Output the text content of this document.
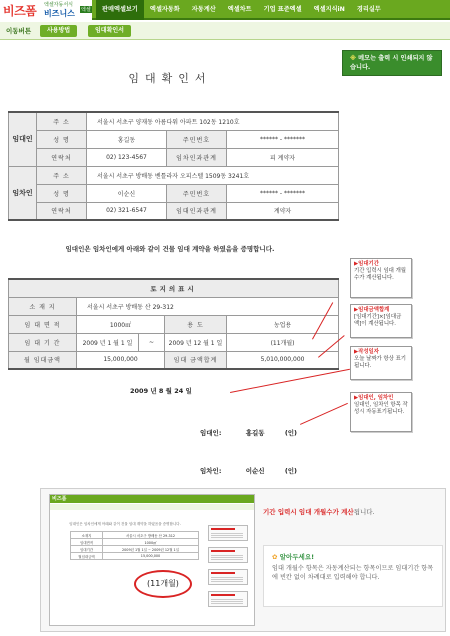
비즈폼 엑셀자동서식
비즈니스 엑셀	판매엑셀보기	엑셀자동화	자동계산	엑셀차트	기업 표준엑셀	엑셀지식iN	경리실무
이동버튼	사용방법	임대확인서
※ 메모는 출력 시 인쇄되지 않습니다.
임대확인서
임대인	주 소	서울시 서초구 양재동 아름다워 아파트 102동 1210호		
	성 명	홍길동	주민번호	****** - *******
	연락처	02) 123-4567	임차인과관계	피 계약자
임차인	주 소	서울시 서초구 방배동 벤틀라자 오피스텔 1509동 3241호		
	성 명	이순신	주민번호	****** - *******
	연락처	02) 321-6547	임대인과관계	계약자
임대인은 임차인에게 아래와 같이 건물 임대 계약을 하였음을 증명합니다.
토지의표시				
소 재 지	서울시 서초구 방배동 산 29-312			
임 대 면 적	1000㎡		용 도	농업용
임 대 기 간	2009 년 1 월 1 일	~	2009 년 12 월 1 일	(11개월)
월 임대금액	15,000,000		임대 금액합계	5,010,000,000
2009 년 8 월 24 일
임대인:	홍길동	(인)
임차인:	이순신	(인)
▶임대기간
기간 입력시 임대 개월수가 계산됩니다.
▶임대금액합계
[임대기간]×[임대금액]이 계산됩니다.
▶작성일자
오늘 날짜가 항상 표기됩니다.
▶임대인, 임차인
임대인, 임차인 항목 작성시 자동표기됩니다.
비즈폼
임대인은 임차인에게 아래와 같이 건물 임대 계약을 하였음을 증명합니다.
소재지	서울시 서초구 방배동 산 29-312
임대면적	1000㎡
임대기간	2009년 1월 1일 ~ 2009년 12월 1일
월임대금액	15,000,000
(11개월)
기간 입력시 임대 개월수가 계산됩니다.
✿ 알아두세요!
임대 개월수 항목은 자동계산되는 항목이므로 임대기간 항목에 빈칸 없이 차례대로 입력해야 합니다.
